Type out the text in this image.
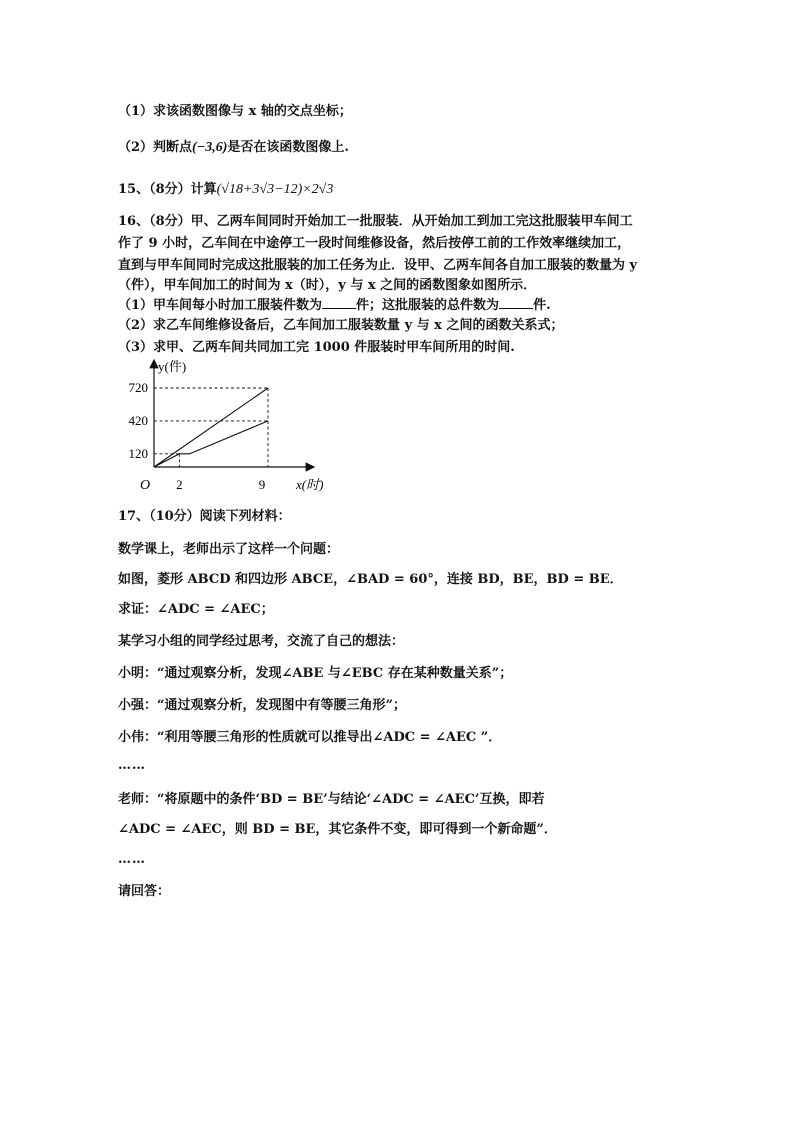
（1）求该函数图像与 x 轴的交点坐标；
（2）判断点(−3,6)是否在该函数图像上.
15、（8分）计算(√18+3√3−12)×2√3
16、（8分）甲、乙两车间同时开始加工一批服装．从开始加工到加工完这批服装甲车间工
作了 9 小时，乙车间在中途停工一段时间维修设备，然后按停工前的工作效率继续加工，
直到与甲车间同时完成这批服装的加工任务为止．设甲、乙两车间各自加工服装的数量为 y
（件），甲车间加工的时间为 x（时），y 与 x 之间的函数图象如图所示．
（1）甲车间每小时加工服装件数为	件；这批服装的总件数为	件.
（2）求乙车间维修设备后，乙车间加工服装数量 y 与 x 之间的函数关系式；
（3）求甲、乙两车间共同加工完 1000 件服装时甲车间所用的时间.
120
420
720
2	9
y(件)
x(时)
O
17、（10分）阅读下列材料：
数学课上，老师出示了这样一个问题：
如图，菱形 ABCD 和四边形 ABCE，∠BAD = 60°，连接 BD，BE，BD = BE．
求证：∠ADC = ∠AEC；
某学习小组的同学经过思考，交流了自己的想法：
小明：“通过观察分析，发现∠ABE 与∠EBC 存在某种数量关系”；
小强：“通过观察分析，发现图中有等腰三角形”；
小伟：“利用等腰三角形的性质就可以推导出∠ADC = ∠AEC ”．
……
老师：“将原题中的条件‘BD = BE’与结论‘∠ADC = ∠AEC’互换，即若
∠ADC = ∠AEC，则 BD = BE，其它条件不变，即可得到一个新命题”．
……
请回答：
